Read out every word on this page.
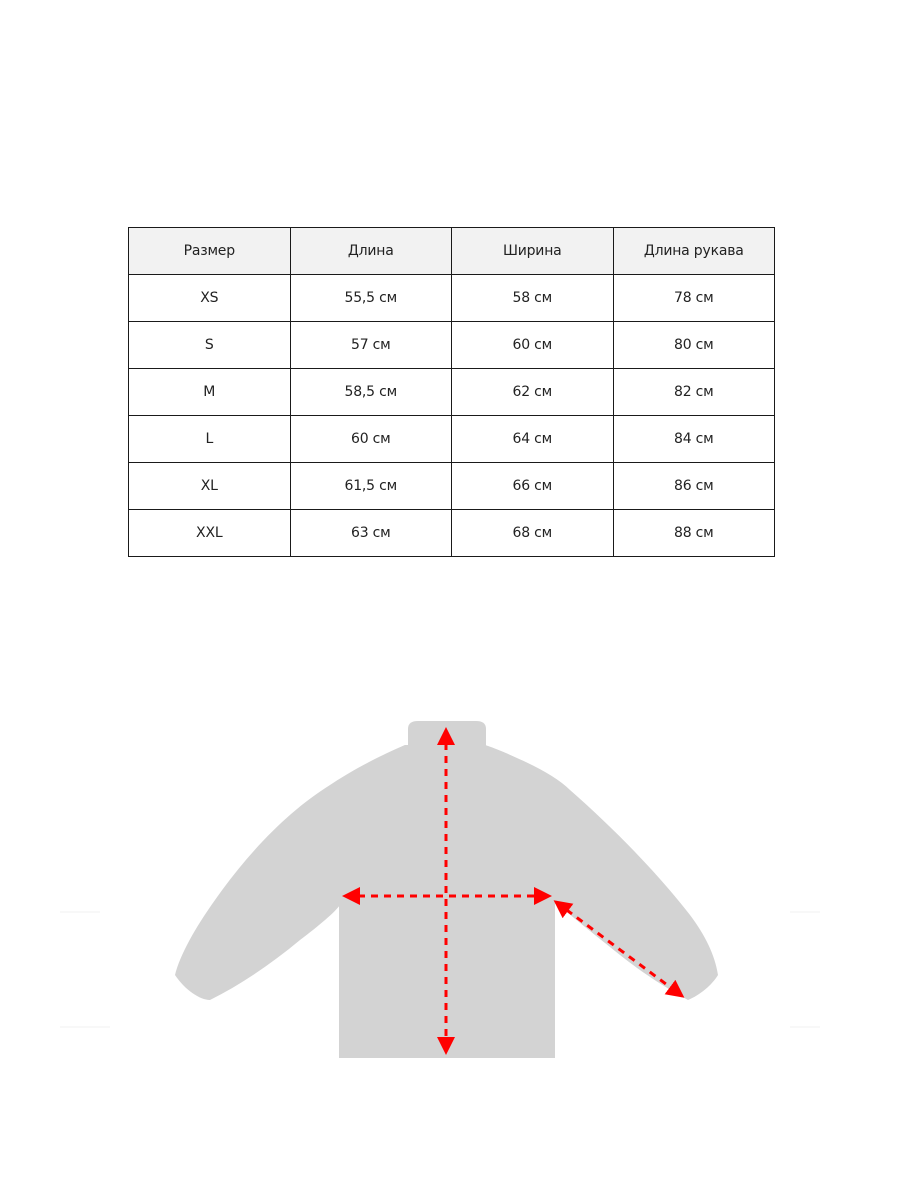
Размер	Длина	Ширина	Длина рукава
XS	55,5 см	58 см	78 см
S	57 см	60 см	80 см
M	58,5 см	62 см	82 см
L	60 см	64 см	84 см
XL	61,5 см	66 см	86 см
XXL	63 см	68 см	88 см
